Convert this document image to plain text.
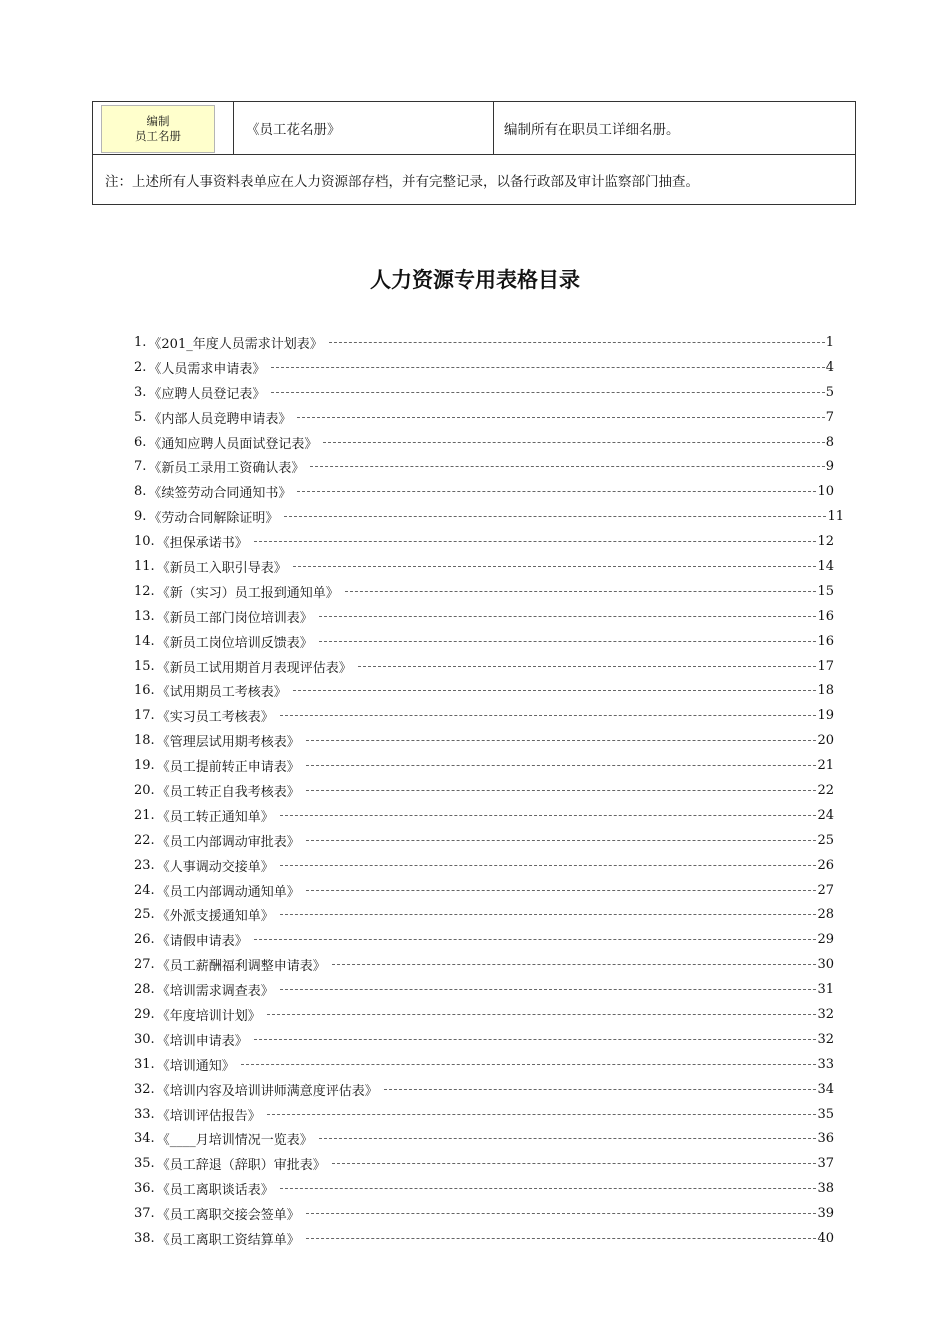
编制
员工名册	《员工花名册》	编制所有在职员工详细名册。
注：上述所有人事资料表单应在人力资源部存档，并有完整记录，以备行政部及审计监察部门抽查。
人力资源专用表格目录
1. 《201_年度人员需求计划表》	1
2. 《人员需求申请表》	4
3. 《应聘人员登记表》	5
5. 《内部人员竞聘申请表》	7
6. 《通知应聘人员面试登记表》	8
7. 《新员工录用工资确认表》	9
8. 《续签劳动合同通知书》	10
9. 《劳动合同解除证明》	11
10. 《担保承诺书》	12
11. 《新员工入职引导表》	14
12. 《新（实习）员工报到通知单》	15
13. 《新员工部门岗位培训表》	16
14. 《新员工岗位培训反馈表》	16
15. 《新员工试用期首月表现评估表》	17
16. 《试用期员工考核表》	18
17. 《实习员工考核表》	19
18. 《管理层试用期考核表》	20
19. 《员工提前转正申请表》	21
20. 《员工转正自我考核表》	22
21. 《员工转正通知单》	24
22. 《员工内部调动审批表》	25
23. 《人事调动交接单》	26
24. 《员工内部调动通知单》	27
25. 《外派支援通知单》	28
26. 《请假申请表》	29
27. 《员工薪酬福利调整申请表》	30
28. 《培训需求调查表》	31
29. 《年度培训计划》	32
30. 《培训申请表》	32
31. 《培训通知》	33
32. 《培训内容及培训讲师满意度评估表》	34
33. 《培训评估报告》	35
34. 《____月培训情况一览表》	36
35. 《员工辞退（辞职）审批表》	37
36. 《员工离职谈话表》	38
37. 《员工离职交接会签单》	39
38. 《员工离职工资结算单》	40
